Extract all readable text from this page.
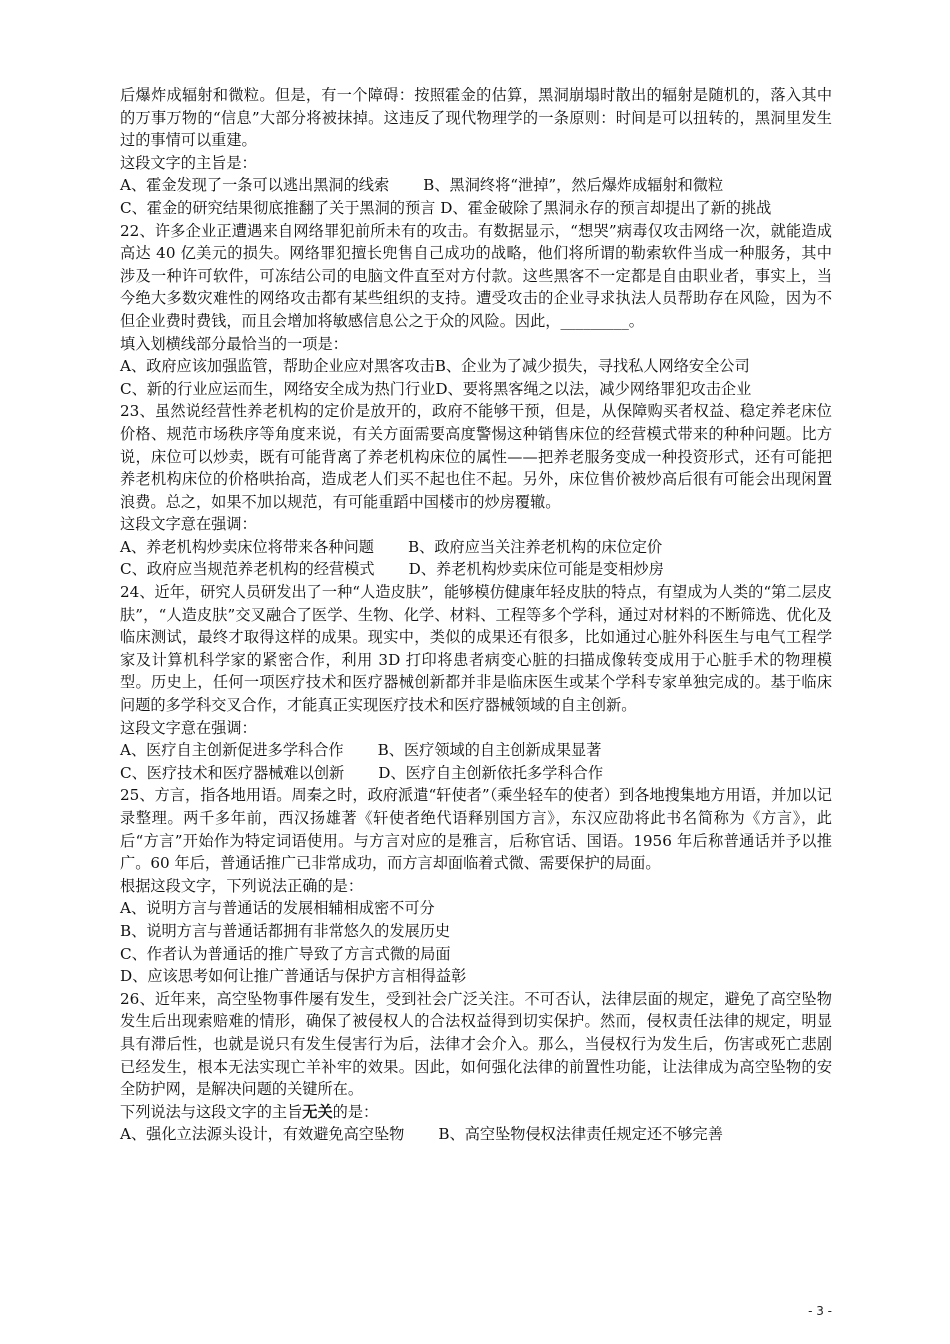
后爆炸成辐射和微粒。但是，有一个障碍：按照霍金的估算，黑洞崩塌时散出的辐射是随机的，落入其中的万事万物的“信息”大部分将被抹掉。这违反了现代物理学的一条原则：时间是可以扭转的，黑洞里发生过的事情可以重建。

这段文字的主旨是：

A、霍金发现了一条可以逃出黑洞的线索 B、黑洞终将“泄掉”，然后爆炸成辐射和微粒

C、霍金的研究结果彻底推翻了关于黑洞的预言 D、霍金破除了黑洞永存的预言却提出了新的挑战

22、许多企业正遭遇来自网络罪犯前所未有的攻击。有数据显示，“想哭”病毒仅攻击网络一次，就能造成高达 40 亿美元的损失。网络罪犯擅长兜售自己成功的战略，他们将所谓的勒索软件当成一种服务，其中涉及一种许可软件，可冻结公司的电脑文件直至对方付款。这些黑客不一定都是自由职业者，事实上，当今绝大多数灾难性的网络攻击都有某些组织的支持。遭受攻击的企业寻求执法人员帮助存在风险，因为不但企业费时费钱，而且会增加将敏感信息公之于众的风险。因此，_________。

填入划横线部分最恰当的一项是：

A、政府应该加强监管，帮助企业应对黑客攻击B、企业为了减少损失，寻找私人网络安全公司

C、新的行业应运而生，网络安全成为热门行业D、要将黑客绳之以法，减少网络罪犯攻击企业

23、虽然说经营性养老机构的定价是放开的，政府不能够干预，但是，从保障购买者权益、稳定养老床位价格、规范市场秩序等角度来说，有关方面需要高度警惕这种销售床位的经营模式带来的种种问题。比方说，床位可以炒卖，既有可能背离了养老机构床位的属性——把养老服务变成一种投资形式，还有可能把养老机构床位的价格哄抬高，造成老人们买不起也住不起。另外，床位售价被炒高后很有可能会出现闲置浪费。总之，如果不加以规范，有可能重蹈中国楼市的炒房覆辙。

这段文字意在强调：

A、养老机构炒卖床位将带来各种问题 B、政府应当关注养老机构的床位定价
C、政府应当规范养老机构的经营模式 D、养老机构炒卖床位可能是变相炒房

24、近年，研究人员研发出了一种“人造皮肤”，能够模仿健康年轻皮肤的特点，有望成为人类的“第二层皮肤”，“人造皮肤”交叉融合了医学、生物、化学、材料、工程等多个学科，通过对材料的不断筛选、优化及临床测试，最终才取得这样的成果。现实中，类似的成果还有很多，比如通过心脏外科医生与电气工程学家及计算机科学家的紧密合作，利用 3D 打印将患者病变心脏的扫描成像转变成用于心脏手术的物理模型。历史上，任何一项医疗技术和医疗器械创新都并非是临床医生或某个学科专家单独完成的。基于临床问题的多学科交叉合作，才能真正实现医疗技术和医疗器械领域的自主创新。

这段文字意在强调：

A、医疗自主创新促进多学科合作 B、医疗领域的自主创新成果显著
C、医疗技术和医疗器械难以创新 D、医疗自主创新依托多学科合作

25、方言，指各地用语。周秦之时，政府派遣“轩使者”（乘坐轻车的使者）到各地搜集地方用语，并加以记录整理。两千多年前，西汉扬雄著《轩使者绝代语释别国方言》，东汉应劭将此书名简称为《方言》，此后“方言”开始作为特定词语使用。与方言对应的是雅言，后称官话、国语。1956 年后称普通话并予以推广。60 年后，普通话推广已非常成功，而方言却面临着式微、需要保护的局面。

根据这段文字，下列说法正确的是：

A、说明方言与普通话的发展相辅相成密不可分

B、说明方言与普通话都拥有非常悠久的发展历史

C、作者认为普通话的推广导致了方言式微的局面

D、应该思考如何让推广普通话与保护方言相得益彰

26、近年来，高空坠物事件屡有发生，受到社会广泛关注。不可否认，法律层面的规定，避免了高空坠物发生后出现索赔难的情形，确保了被侵权人的合法权益得到切实保护。然而，侵权责任法律的规定，明显具有滞后性，也就是说只有发生侵害行为后，法律才会介入。那么，当侵权行为发生后，伤害或死亡悲剧已经发生，根本无法实现亡羊补牢的效果。因此，如何强化法律的前置性功能，让法律成为高空坠物的安全防护网，是解决问题的关键所在。

下列说法与这段文字的主旨无关的是：

A、强化立法源头设计，有效避免高空坠物 B、高空坠物侵权法律责任规定还不够完善
- 3 -
